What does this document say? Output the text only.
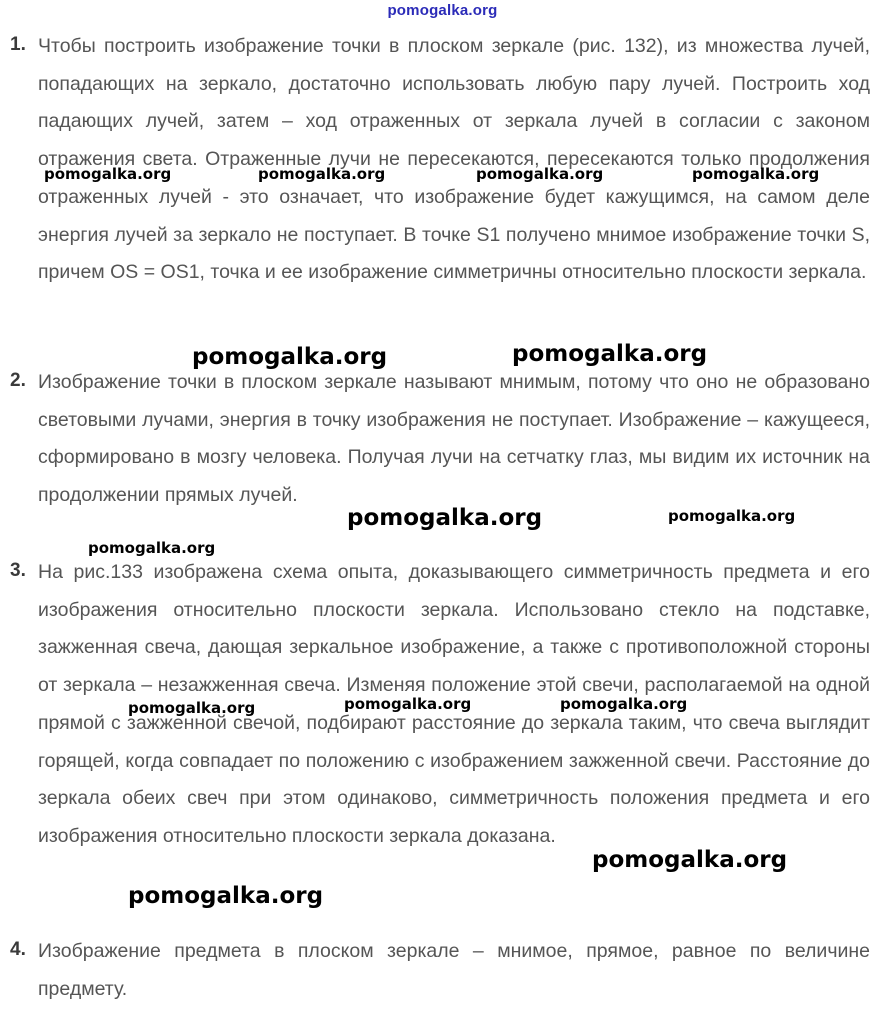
pomogalka.org
1. Чтобы построить изображение точки в плоском зеркале (рис. 132), из множества лучей, попадающих на зеркало, достаточно использовать любую пару лучей. Построить ход падающих лучей, затем – ход отраженных от зеркала лучей в согласии с законом отражения света. Отраженные лучи не пересекаются, пересекаются только продолжения отраженных лучей - это означает, что изображение будет кажущимся, на самом деле энергия лучей за зеркало не поступает. В точке S1 получено мнимое изображение точки S, причем OS = OS1, точка и ее изображение симметричны относительно плоскости зеркала.
2. Изображение точки в плоском зеркале называют мнимым, потому что оно не образовано световыми лучами, энергия в точку изображения не поступает. Изображение – кажущееся, сформировано в мозгу человека. Получая лучи на сетчатку глаз, мы видим их источник на продолжении прямых лучей.
3. На рис.133 изображена схема опыта, доказывающего симметричность предмета и его изображения относительно плоскости зеркала. Использовано стекло на подставке, зажженная свеча, дающая зеркальное изображение, а также с противоположной стороны от зеркала – незажженная свеча. Изменяя положение этой свечи, располагаемой на одной прямой с зажженной свечой, подбирают расстояние до зеркала таким, что свеча выглядит горящей, когда совпадает по положению с изображением зажженной свечи. Расстояние до зеркала обеих свеч при этом одинаково, симметричность положения предмета и его изображения относительно плоскости зеркала доказана.
4. Изображение предмета в плоском зеркале – мнимое, прямое, равное по величине предмету.
pomogalka.org	pomogalka.org	pomogalka.org	pomogalka.org
pomogalka.org	pomogalka.org
pomogalka.org	pomogalka.org
pomogalka.org
pomogalka.org	pomogalka.org	pomogalka.org
pomogalka.org
pomogalka.org
